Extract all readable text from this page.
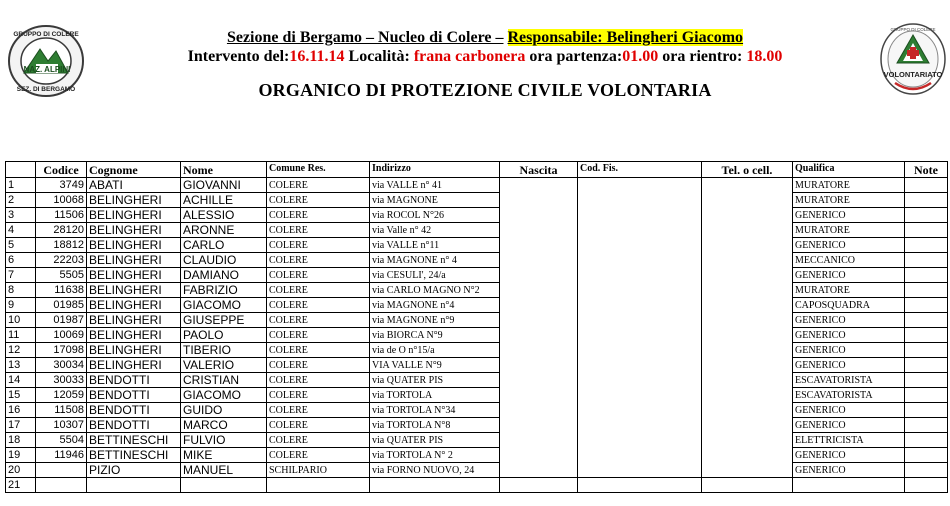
NAZ. ALPINI
GRUPPO DI COLERE
SEZ. DI BERGAMO
Sezione di Bergamo – Nucleo di Colere – Responsabile: Belingheri Giacomo
Intervento del:16.11.14 Località: frana carbonera ora partenza:01.00 ora rientro: 18.00
ORGANICO DI PROTEZIONE CIVILE VOLONTARIA
GRUPPO DI COLERE
VOLONTARIATO
	Codice	Cognome	Nome	Comune Res.	Indirizzo	Nascita	Cod. Fis.	Tel. o cell.	Qualifica	Note
1	3749	ABATI	GIOVANNI	COLERE	via VALLE n° 41				MURATORE	
2	10068	BELINGHERI	ACHILLE	COLERE	via MAGNONE				MURATORE	
3	11506	BELINGHERI	ALESSIO	COLERE	via ROCOL N°26				GENERICO	
4	28120	BELINGHERI	ARONNE	COLERE	via Valle n° 42				MURATORE	
5	18812	BELINGHERI	CARLO	COLERE	via VALLE n°11				GENERICO	
6	22203	BELINGHERI	CLAUDIO	COLERE	via MAGNONE n° 4				MECCANICO	
7	5505	BELINGHERI	DAMIANO	COLERE	via CESULI', 24/a				GENERICO	
8	11638	BELINGHERI	FABRIZIO	COLERE	via CARLO MAGNO N°2				MURATORE	
9	01985	BELINGHERI	GIACOMO	COLERE	via MAGNONE n°4				CAPOSQUADRA	
10	01987	BELINGHERI	GIUSEPPE	COLERE	via MAGNONE n°9				GENERICO	
11	10069	BELINGHERI	PAOLO	COLERE	via BIORCA N°9				GENERICO	
12	17098	BELINGHERI	TIBERIO	COLERE	via de O n°15/a				GENERICO	
13	30034	BELINGHERI	VALERIO	COLERE	VIA VALLE N°9				GENERICO	
14	30033	BENDOTTI	CRISTIAN	COLERE	via QUATER PIS				ESCAVATORISTA	
15	12059	BENDOTTI	GIACOMO	COLERE	via TORTOLA				ESCAVATORISTA	
16	11508	BENDOTTI	GUIDO	COLERE	via TORTOLA N°34				GENERICO	
17	10307	BENDOTTI	MARCO	COLERE	via TORTOLA N°8				GENERICO	
18	5504	BETTINESCHI	FULVIO	COLERE	via QUATER PIS				ELETTRICISTA	
19	11946	BETTINESCHI	MIKE	COLERE	via TORTOLA N° 2				GENERICO	
20		PIZIO	MANUEL	SCHILPARIO	via FORNO NUOVO, 24				GENERICO	
21										
